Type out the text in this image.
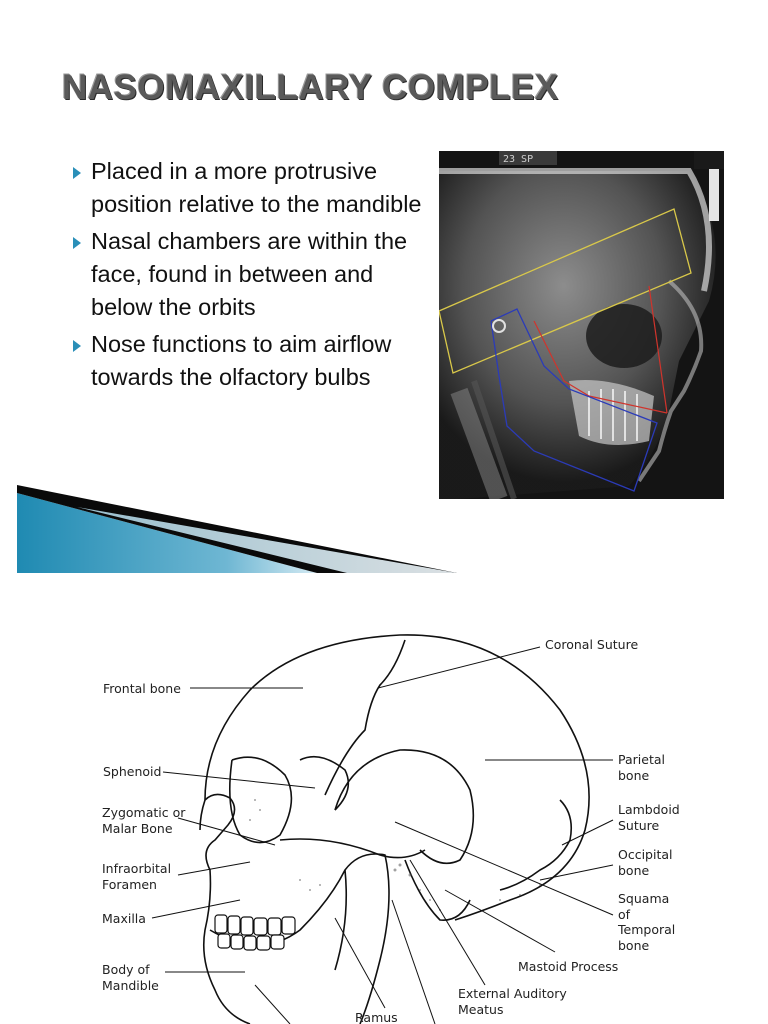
NASOMAXILLARY COMPLEX
Placed in a more protrusive position relative to the mandible
Nasal chambers are within the face, found in between and below the orbits
Nose functions to aim airflow towards the olfactory bulbs
23 SP
Coronal Suture
Frontal bone
Sphenoid
Zygomatic or
Malar Bone
Infraorbital
Foramen
Maxilla
Body of
Mandible
Parietal
bone
Lambdoid
Suture
Occipital
bone
Squama
of
Temporal
bone
Mastoid Process
External Auditory
Meatus
Ramus
